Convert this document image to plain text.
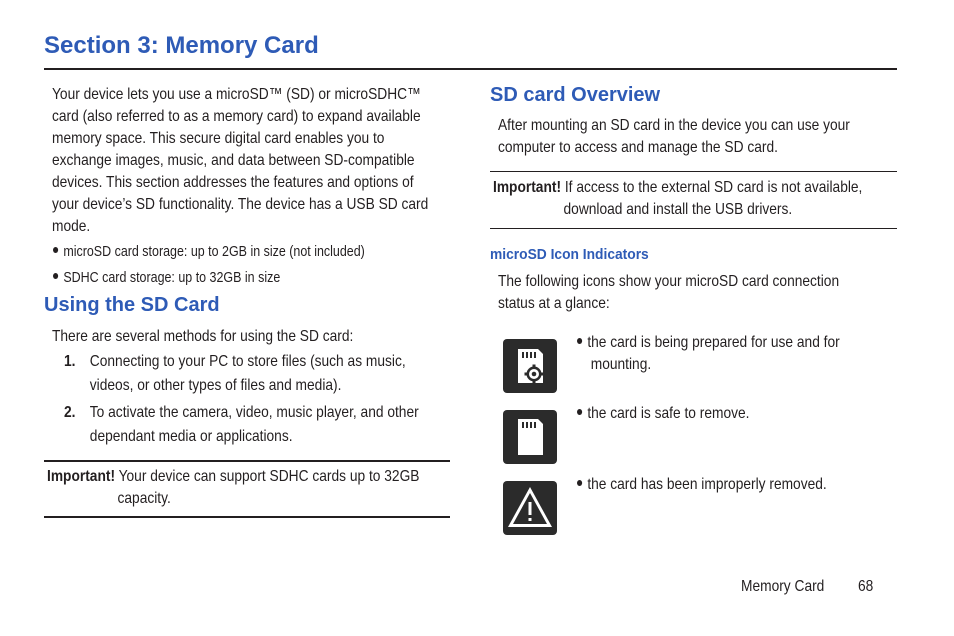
Section 3: Memory Card
Your device lets you use a microSD™ (SD) or microSDHC™
card (also referred to as a memory card) to expand available
memory space. This secure digital card enables you to
exchange images, music, and data between SD-compatible
devices. This section addresses the features and options of
your device’s SD functionality. The device has a USB SD card
mode.
microSD card storage: up to 2GB in size (not included)
SDHC card storage: up to 32GB in size
Using the SD Card
There are several methods for using the SD card:
1. Connecting to your PC to store files (such as music,
videos, or other types of files and media).
2. To activate the camera, video, music player, and other
dependant media or applications.
Important! Your device can support SDHC cards up to 32GB
capacity.
SD card Overview
After mounting an SD card in the device you can use your
computer to access and manage the SD card.
Important! If access to the external SD card is not available,
download and install the USB drivers.
microSD Icon Indicators
The following icons show your microSD card connection
status at a glance:
the card is being prepared for use and for
mounting.
the card is safe to remove.
the card has been improperly removed.
Memory Card 68
